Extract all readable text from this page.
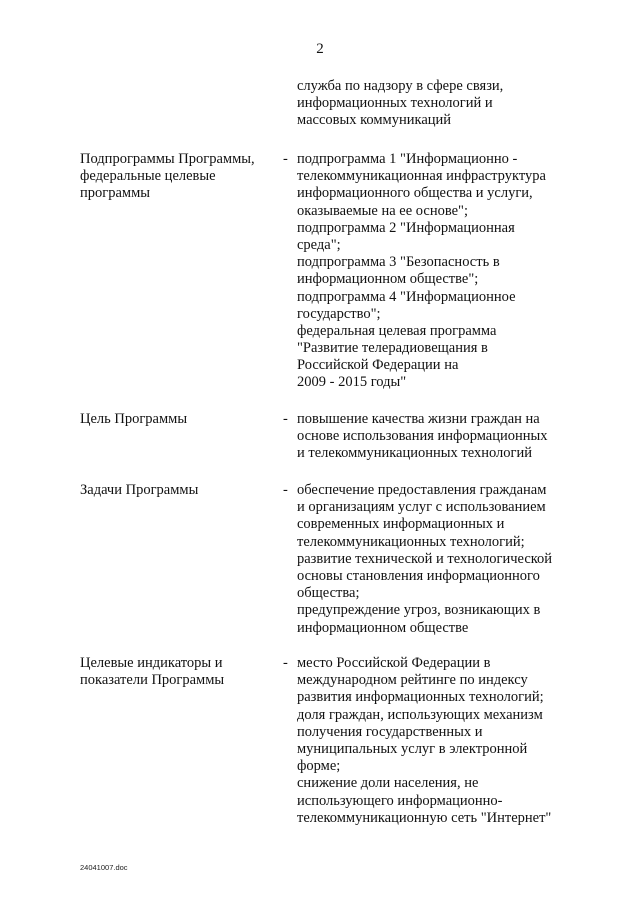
2
служба по надзору в сфере связи,
информационных технологий и
массовых коммуникаций
Подпрограммы Программы,
федеральные целевые
программы
- подпрограмма 1 "Информационно -
телекоммуникационная инфраструктура
информационного общества и услуги,
оказываемые на ее основе";
подпрограмма 2 "Информационная
среда";
подпрограмма 3 "Безопасность в
информационном обществе";
подпрограмма 4 "Информационное
государство";
федеральная целевая программа
"Развитие телерадиовещания в
Российской Федерации на
2009 - 2015 годы"
Цель Программы	- повышение качества жизни граждан на
основе использования информационных
и телекоммуникационных технологий
Задачи Программы	- обеспечение предоставления гражданам
и организациям услуг с использованием
современных информационных и
телекоммуникационных технологий;
развитие технической и технологической
основы становления информационного
общества;
предупреждение угроз, возникающих в
информационном обществе
Целевые индикаторы и
показатели Программы
- место Российской Федерации в
международном рейтинге по индексу
развития информационных технологий;
доля граждан, использующих механизм
получения государственных и
муниципальных услуг в электронной
форме;
снижение доли населения, не
использующего информационно-
телекоммуникационную сеть "Интернет"
24041007.doc
